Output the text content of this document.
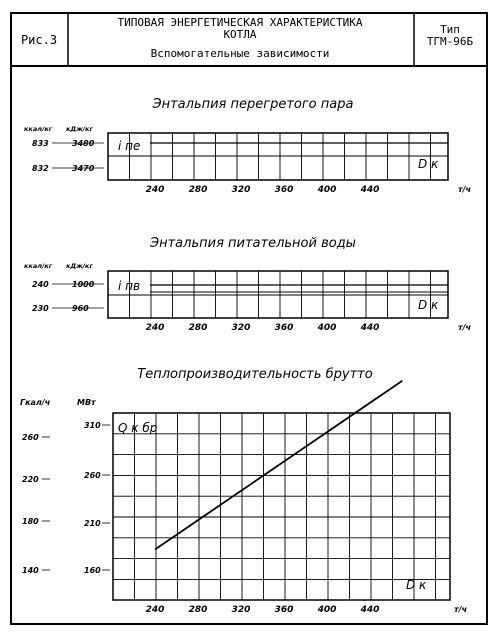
Рис.3
ТИПОВАЯ ЭНЕРГЕТИЧЕСКАЯ ХАРАКТЕРИСТИКА
КОТЛА
Вспомогательные зависимости
Тип
ТГМ-96Б
Энтальпия перегретого пара
ккал/кг кДж/кг
i пе
D к
833
832
3480
3470
240	280	320	360	400	440	т/ч
Энтальпия питательной воды
ккал/кг кДж/кг
i пв
D к
240
230
1000
960
240	280	320	360	400	440	т/ч
Теплопроизводительность брутто
Гкал/ч	МВт
260
220
180
140
310
260
210
160
Q к бр
D к
240	280	320	360	400	440	т/ч
